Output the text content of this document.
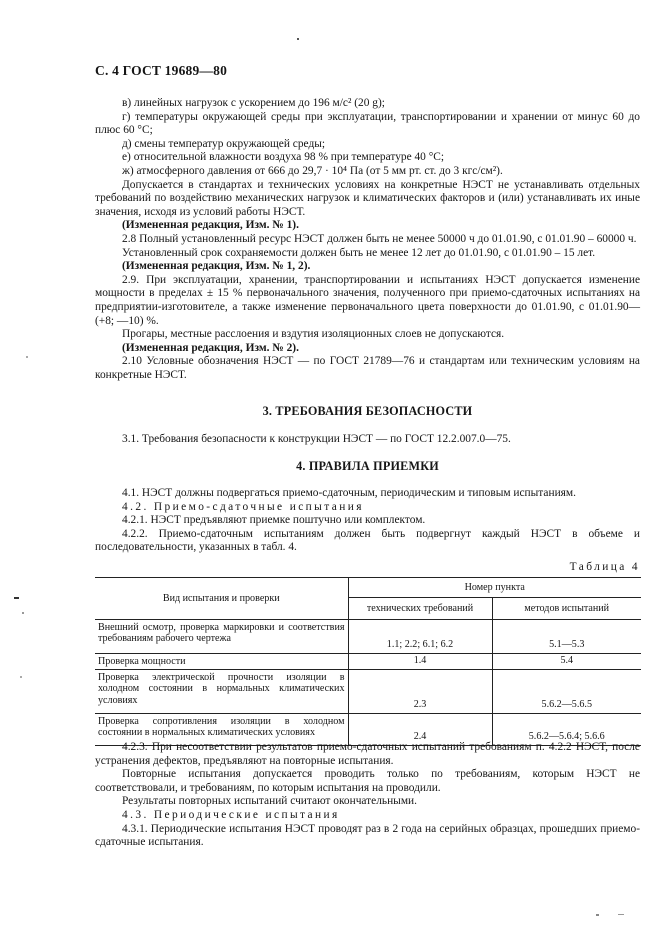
С. 4 ГОСТ 19689—80

в) линейных нагрузок с ускорением до 196 м/с² (20 g);

г) температуры окружающей среды при эксплуатации, транспортировании и хранении от минус 60 до плюс 60 °С;

д) смены температур окружающей среды;

е) относительной влажности воздуха 98 % при температуре 40 °С;

ж) атмосферного давления от 666 до 29,7 · 10⁴ Па (от 5 мм рт. ст. до 3 кгс/см²).

Допускается в стандартах и технических условиях на конкретные НЭСТ не устанавливать отдельных требований по воздействию механических нагрузок и климатических факторов и (или) устанавливать их иные значения, исходя из условий работы НЭСТ.

(Измененная редакция, Изм. № 1).

2.8 Полный установленный ресурс НЭСТ должен быть не менее 50000 ч до 01.01.90, с 01.01.90 – 60000 ч.

Установленный срок сохраняемости должен быть не менее 12 лет до 01.01.90, с 01.01.90 – 15 лет.

(Измененная редакция, Изм. № 1, 2).

2.9. При эксплуатации, хранении, транспортировании и испытаниях НЭСТ допускается изменение мощности в пределах ± 15 % первоначального значения, полученного при приемо-сдаточных испытаниях на предприятии-изготовителе, а также изменение первоначального цвета поверхности до 01.01.90, с 01.01.90—(+8; —10) %.

Прогары, местные расслоения и вздутия изоляционных слоев не допускаются.

(Измененная редакция, Изм. № 2).

2.10 Условные обозначения НЭСТ — по ГОСТ 21789—76 и стандартам или техническим условиям на конкретные НЭСТ.

3. ТРЕБОВАНИЯ БЕЗОПАСНОСТИ

3.1. Требования безопасности к конструкции НЭСТ — по ГОСТ 12.2.007.0—75.

4. ПРАВИЛА ПРИЕМКИ

4.1. НЭСТ должны подвергаться приемо-сдаточным, периодическим и типовым испытаниям.

4.2. Приемо-сдаточные испытания

4.2.1. НЭСТ предъявляют приемке поштучно или комплектом.

4.2.2. Приемо-сдаточным испытаниям должен быть подвергнут каждый НЭСТ в объеме и последовательности, указанных в табл. 4.

Таблица 4
Вид испытания и проверки	Номер пункта	
	технических требований	методов испытаний
Внешний осмотр, проверка маркировки и соответствия требованиям рабочего чертежа	1.1; 2.2; 6.1; 6.2	5.1—5.3
Проверка мощности	1.4	5.4
Проверка электрической прочности изоляции в холодном состоянии в нормальных климатических условиях	2.3	5.6.2—5.6.5
Проверка сопротивления изоляции в холодном состоянии в нормальных климатических условиях	2.4	5.6.2—5.6.4; 5.6.6

4.2.3. При несоответствии результатов приемо-сдаточных испытаний требованиям п. 4.2.2 НЭСТ, после устранения дефектов, предъявляют на повторные испытания.

Повторные испытания допускается проводить только по требованиям, которым НЭСТ не соответствовали, и требованиям, по которым испытания на проводили.

Результаты повторных испытаний считают окончательными.

4.3. Периодические испытания

4.3.1. Периодические испытания НЭСТ проводят раз в 2 года на серийных образцах, прошедших приемо-сдаточные испытания.
